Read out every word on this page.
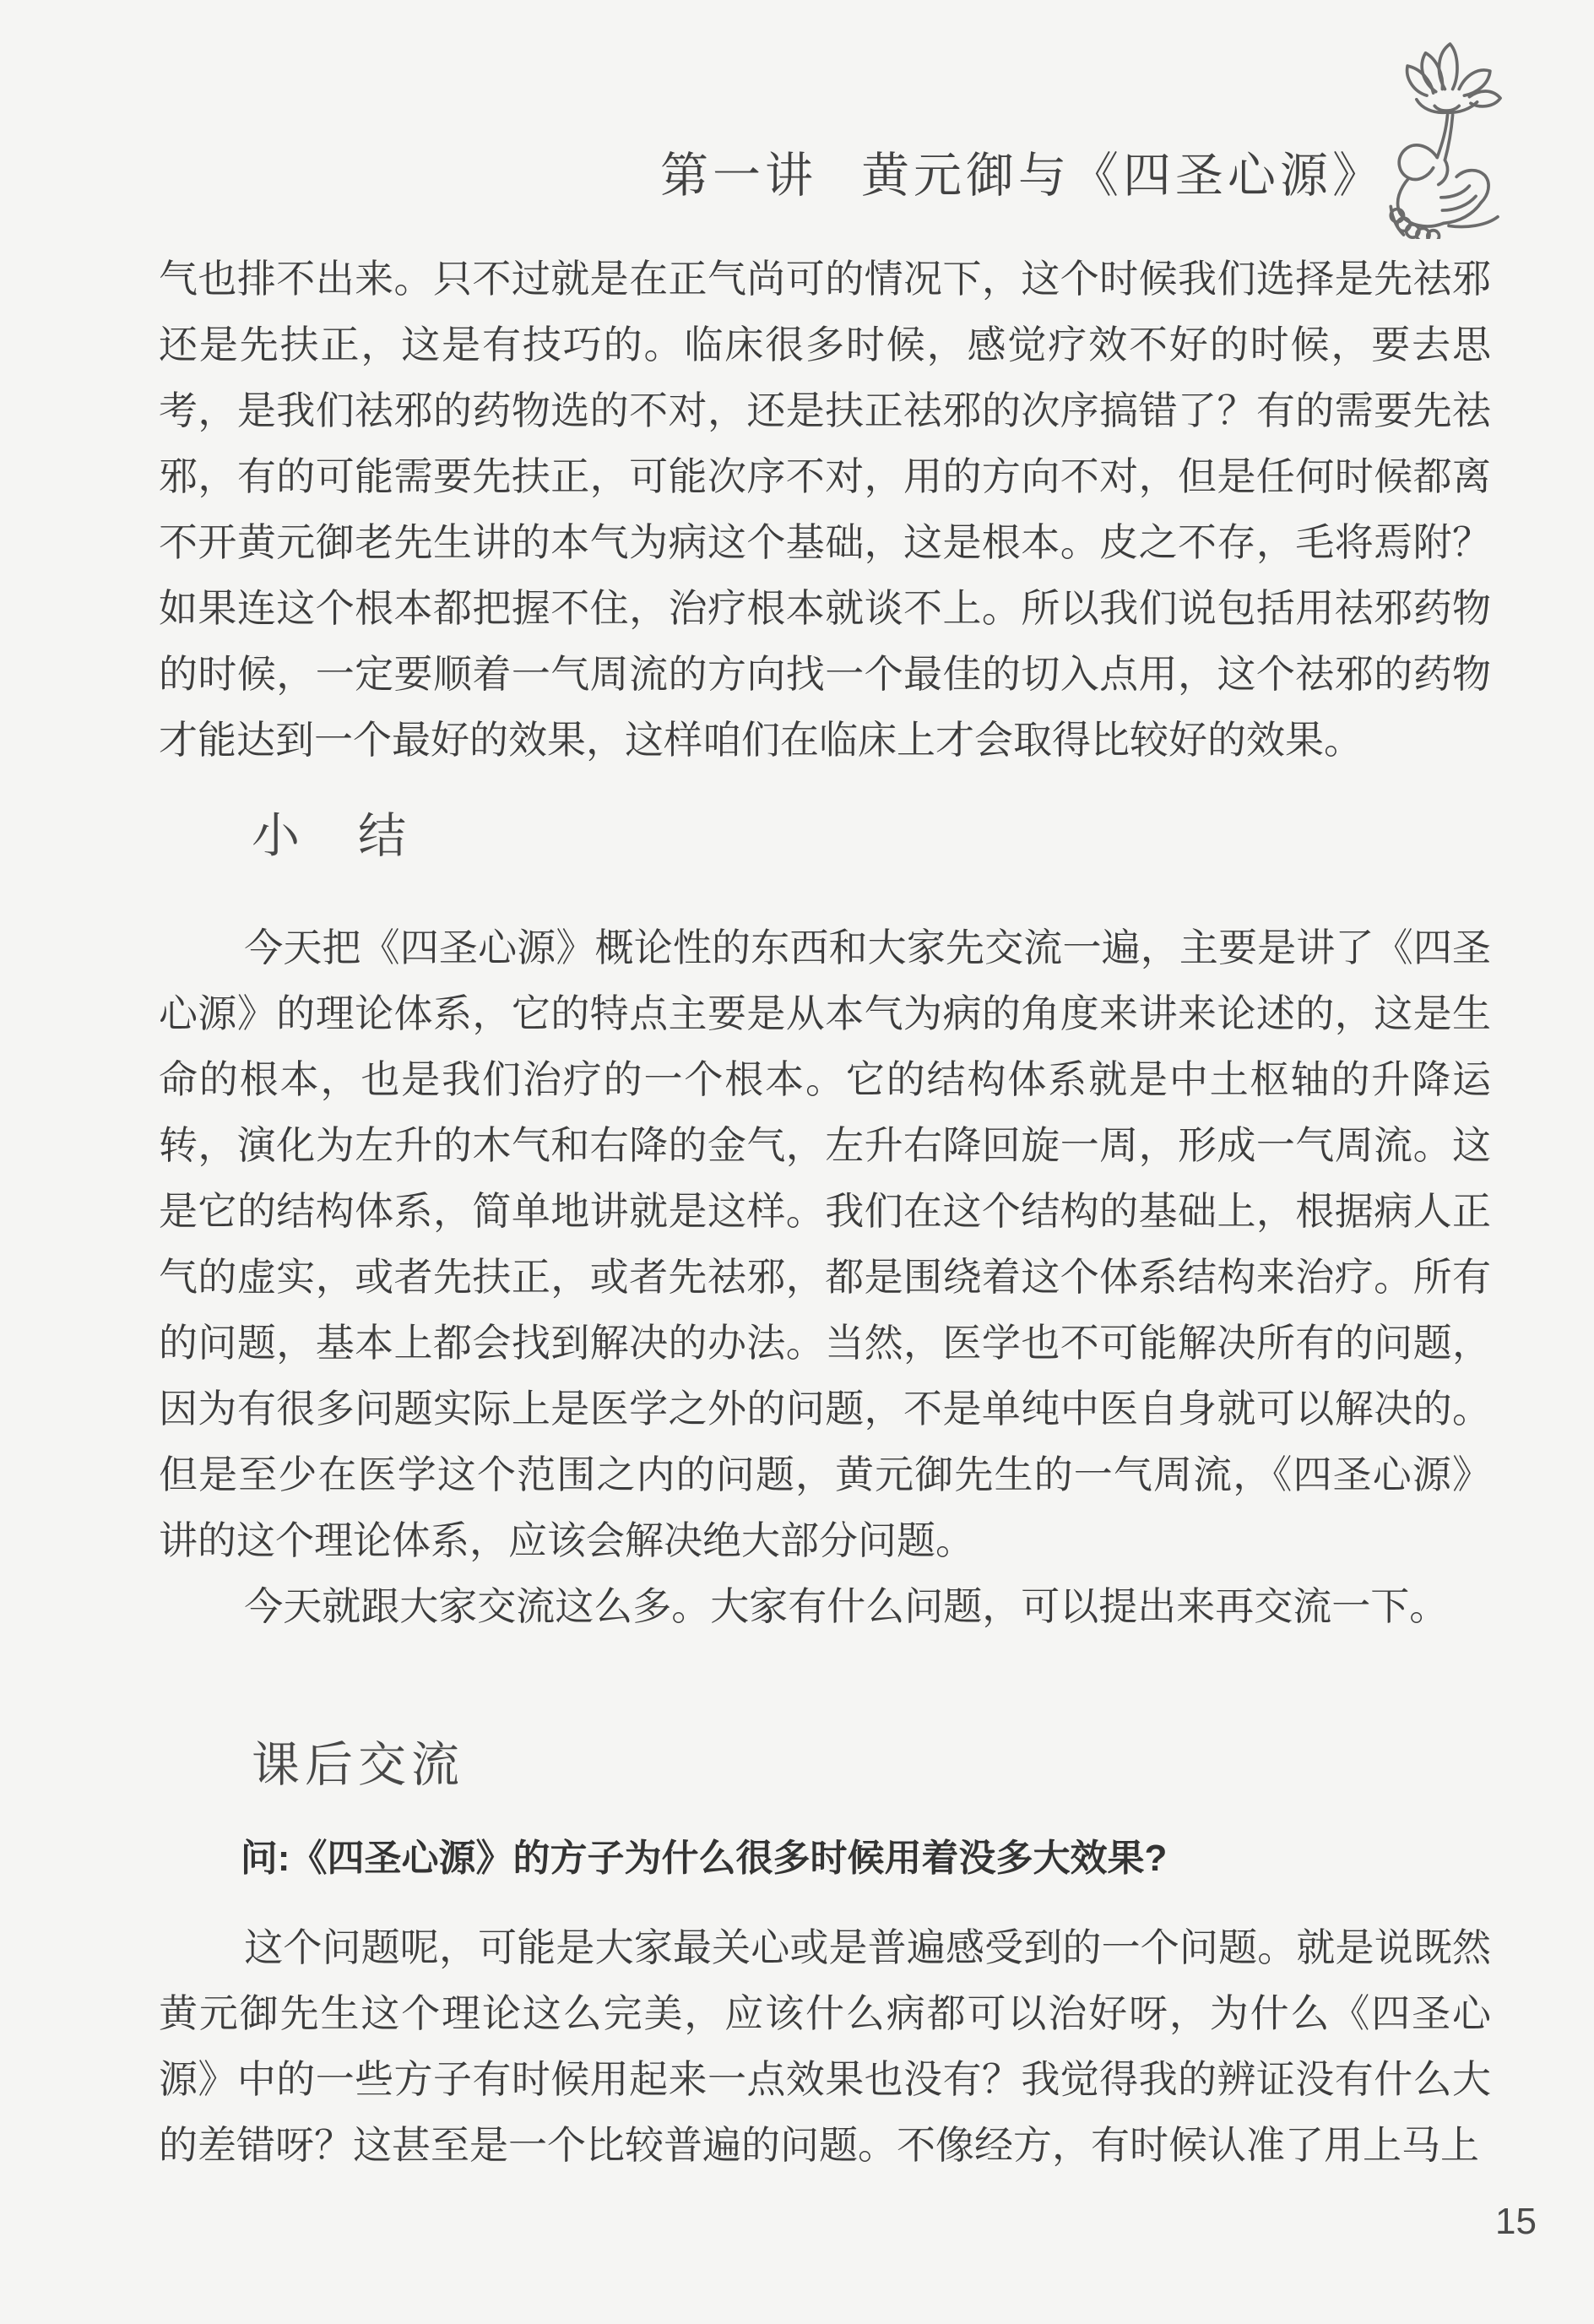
第一讲 黄元御与《四圣心源》

气也排不出来。只不过就是在正气尚可的情况下，这个时候我们选择是先祛邪还是先扶正，这是有技巧的。临床很多时候，感觉疗效不好的时候，要去思考，是我们祛邪的药物选的不对，还是扶正祛邪的次序搞错了？有的需要先祛邪，有的可能需要先扶正，可能次序不对，用的方向不对，但是任何时候都离不开黄元御老先生讲的本气为病这个基础，这是根本。皮之不存，毛将焉附？如果连这个根本都把握不住，治疗根本就谈不上。所以我们说包括用祛邪药物的时候，一定要顺着一气周流的方向找一个最佳的切入点用，这个祛邪的药物才能达到一个最好的效果，这样咱们在临床上才会取得比较好的效果。

小　结

今天把《四圣心源》概论性的东西和大家先交流一遍，主要是讲了《四圣心源》的理论体系，它的特点主要是从本气为病的角度来讲来论述的，这是生命的根本，也是我们治疗的一个根本。它的结构体系就是中土枢轴的升降运转，演化为左升的木气和右降的金气，左升右降回旋一周，形成一气周流。这是它的结构体系，简单地讲就是这样。我们在这个结构的基础上，根据病人正气的虚实，或者先扶正，或者先祛邪，都是围绕着这个体系结构来治疗。所有的问题，基本上都会找到解决的办法。当然，医学也不可能解决所有的问题，因为有很多问题实际上是医学之外的问题，不是单纯中医自身就可以解决的。但是至少在医学这个范围之内的问题，黄元御先生的一气周流，《四圣心源》讲的这个理论体系，应该会解决绝大部分问题。

今天就跟大家交流这么多。大家有什么问题，可以提出来再交流一下。

课后交流

问:《四圣心源》的方子为什么很多时候用着没多大效果?

这个问题呢，可能是大家最关心或是普遍感受到的一个问题。就是说既然黄元御先生这个理论这么完美，应该什么病都可以治好呀，为什么《四圣心源》中的一些方子有时候用起来一点效果也没有？我觉得我的辨证没有什么大的差错呀？这甚至是一个比较普遍的问题。不像经方，有时候认准了用上马上

15
